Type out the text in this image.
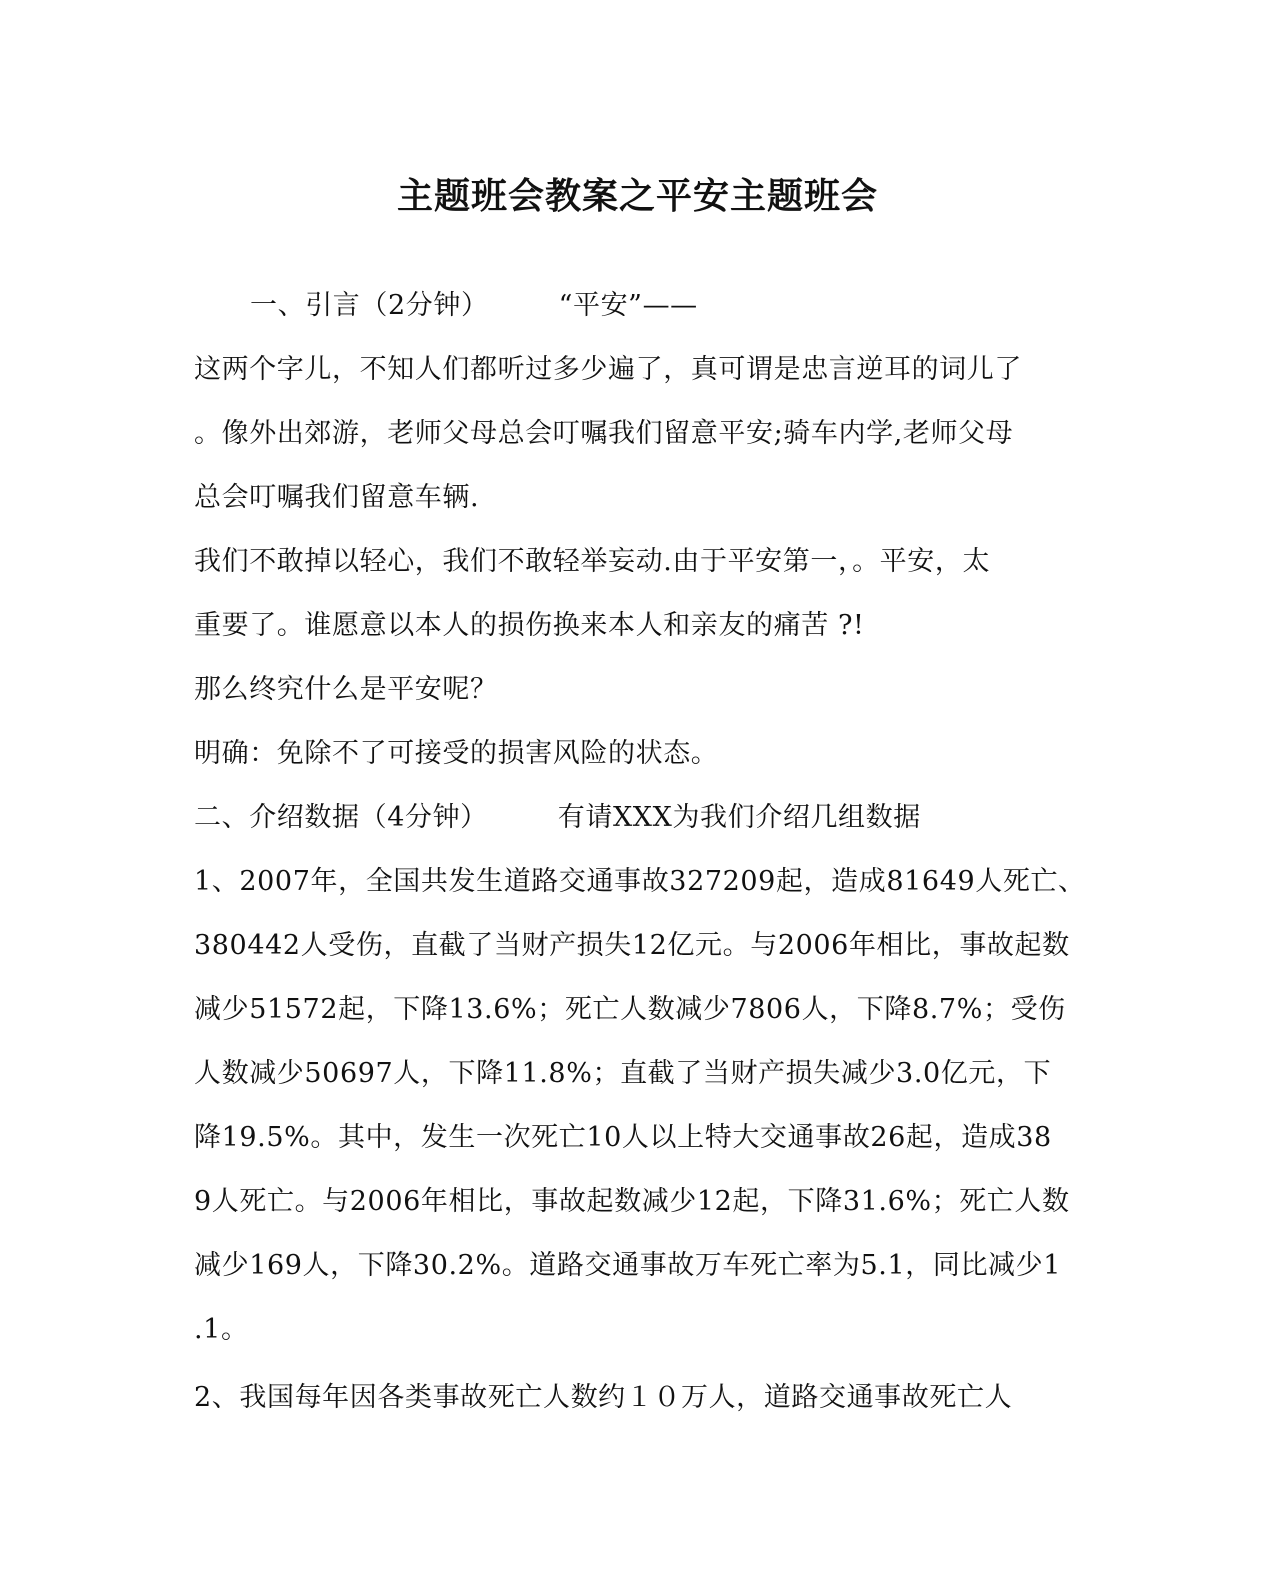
主题班会教案之平安主题班会
一、引言（2分钟）	“平安”——
这两个字儿，不知人们都听过多少遍了，真可谓是忠言逆耳的词儿了
。像外出郊游，老师父母总会叮嘱我们留意平安;骑车内学,老师父母
总会叮嘱我们留意车辆.
我们不敢掉以轻心，我们不敢轻举妄动.由于平安第一，。平安，太
重要了。谁愿意以本人的损伤换来本人和亲友的痛苦 ?!
那么终究什么是平安呢？
明确：免除不了可接受的损害风险的状态。
二、介绍数据（4分钟）	有请XXX为我们介绍几组数据
1、2007年，全国共发生道路交通事故327209起，造成81649人死亡、
380442人受伤，直截了当财产损失12亿元。与2006年相比，事故起数
减少51572起，下降13.6%；死亡人数减少7806人，下降8.7%；受伤
人数减少50697人，下降11.8%；直截了当财产损失减少3.0亿元，下
降19.5%。其中，发生一次死亡10人以上特大交通事故26起，造成38
9人死亡。与2006年相比，事故起数减少12起，下降31.6%；死亡人数
减少169人，下降30.2%。道路交通事故万车死亡率为5.1，同比减少1
.1。
2、我国每年因各类事故死亡人数约１０万人，道路交通事故死亡人
